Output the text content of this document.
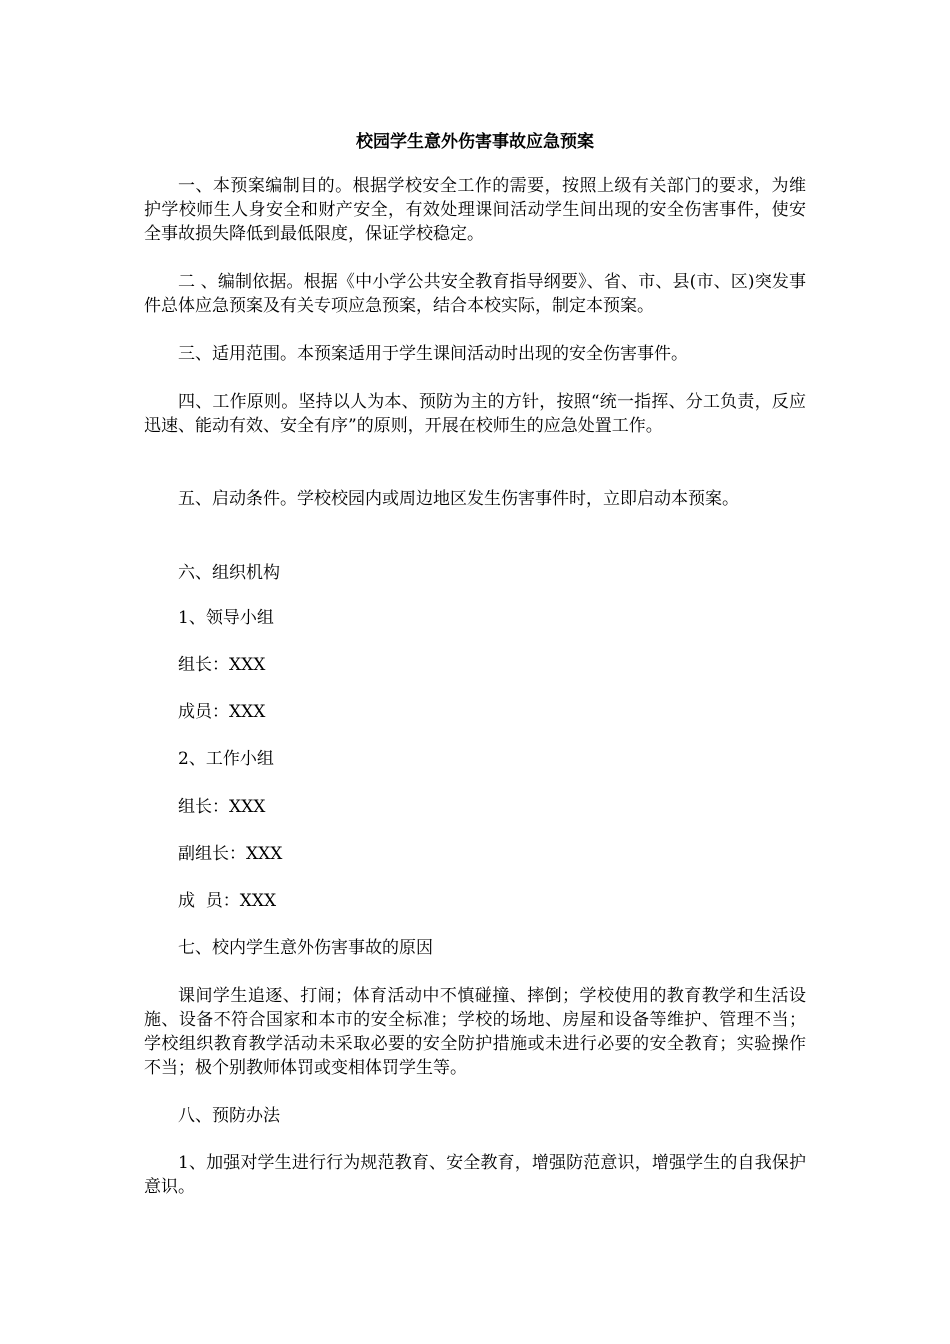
校园学生意外伤害事故应急预案

一、本预案编制目的。根据学校安全工作的需要，按照上级有关部门的要求，为维护学校师生人身安全和财产安全，有效处理课间活动学生间出现的安全伤害事件，使安全事故损失降低到最低限度，保证学校稳定。

二 、编制依据。根据《中小学公共安全教育指导纲要》、省、市、县(市、区)突发事件总体应急预案及有关专项应急预案，结合本校实际，制定本预案。

三、适用范围。本预案适用于学生课间活动时出现的安全伤害事件。

四、工作原则。坚持以人为本、预防为主的方针，按照“统一指挥、分工负责，反应迅速、能动有效、安全有序”的原则，开展在校师生的应急处置工作。

五、启动条件。学校校园内或周边地区发生伤害事件时，立即启动本预案。

六、组织机构

1、领导小组

组长：XXX

成员：XXX

2、工作小组

组长：XXX

副组长：XXX

成  员：XXX

七、校内学生意外伤害事故的原因

课间学生追逐、打闹；体育活动中不慎碰撞、摔倒；学校使用的教育教学和生活设施、设备不符合国家和本市的安全标准；学校的场地、房屋和设备等维护、管理不当；学校组织教育教学活动未采取必要的安全防护措施或未进行必要的安全教育；实验操作不当；极个别教师体罚或变相体罚学生等。

八、预防办法

1、加强对学生进行行为规范教育、安全教育，增强防范意识，增强学生的自我保护意识。
